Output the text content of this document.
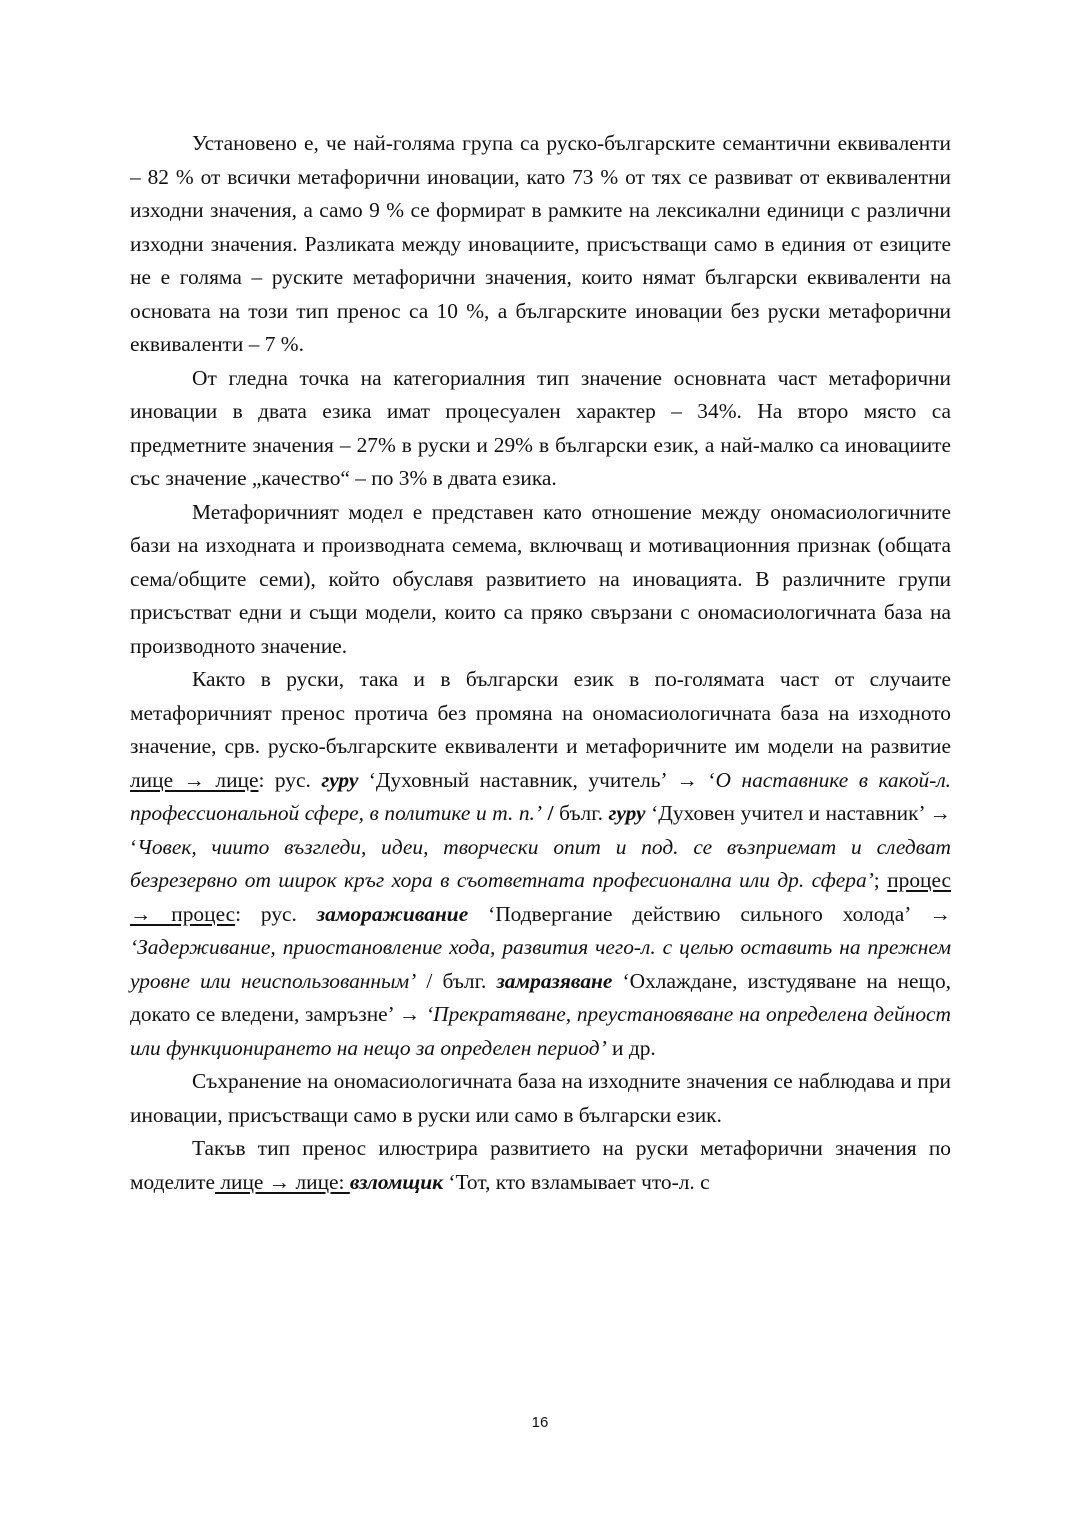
Установено е, че най-голяма група са руско-българските семантични еквиваленти – 82 % от всички метафорични иновации, като 73 % от тях се развиват от еквивалентни изходни значения, а само 9 % се формират в рамките на лексикални единици с различни изходни значения. Разликата между иновациите, присъстващи само в единия от езиците не е голяма – руските метафорични значения, които нямат български еквиваленти на основата на този тип пренос са 10 %, а българските иновации без руски метафорични еквиваленти – 7 %.

От гледна точка на категориалния тип значение основната част метафорични иновации в двата езика имат процесуален характер – 34%. На второ място са предметните значения – 27% в руски и 29% в български език, а най-малко са иновациите със значение „качество“ – по 3% в двата езика.

Метафоричният модел е представен като отношение между ономасиологичните бази на изходната и производната семема, включващ и мотивационния признак (общата сема/общите семи), който обуславя развитието на иновацията. В различните групи присъстват едни и същи модели, които са пряко свързани с ономасиологичната база на производното значение.

Както в руски, така и в български език в по-голямата част от случаите метафоричният пренос протича без промяна на ономасиологичната база на изходното значение, срв. руско-българските еквиваленти и метафоричните им модели на развитие лице → лице: рус. гуру ‘Духовный наставник, учитель’ → ‘О наставнике в какой-л. профессиональной сфере, в политике и т. п.’ / бълг. гуру ‘Духовен учител и наставник’ → ‘Човек, чиито възгледи, идеи, творчески опит и под. се възприемат и следват безрезервно от широк кръг хора в съответната професионална или др. сфера’; процес → процес: рус. замораживание ‘Подвергание действию сильного холода’ → ‘Задерживание, приостановление хода, развития чего-л. с целью оставить на прежнем уровне или неиспользованным’ / бълг. замразяване ‘Охлаждане, изстудяване на нещо, докато се вледени, замръзне’ → ‘Прекратяване, преустановяване на определена дейност или функционирането на нещо за определен период’ и др.

Съхранение на ономасиологичната база на изходните значения се наблюдава и при иновации, присъстващи само в руски или само в български език.

Такъв тип пренос илюстрира развитието на руски метафорични значения по моделите лице → лице: взломщик ‘Тот, кто взламывает что-л. с

16
